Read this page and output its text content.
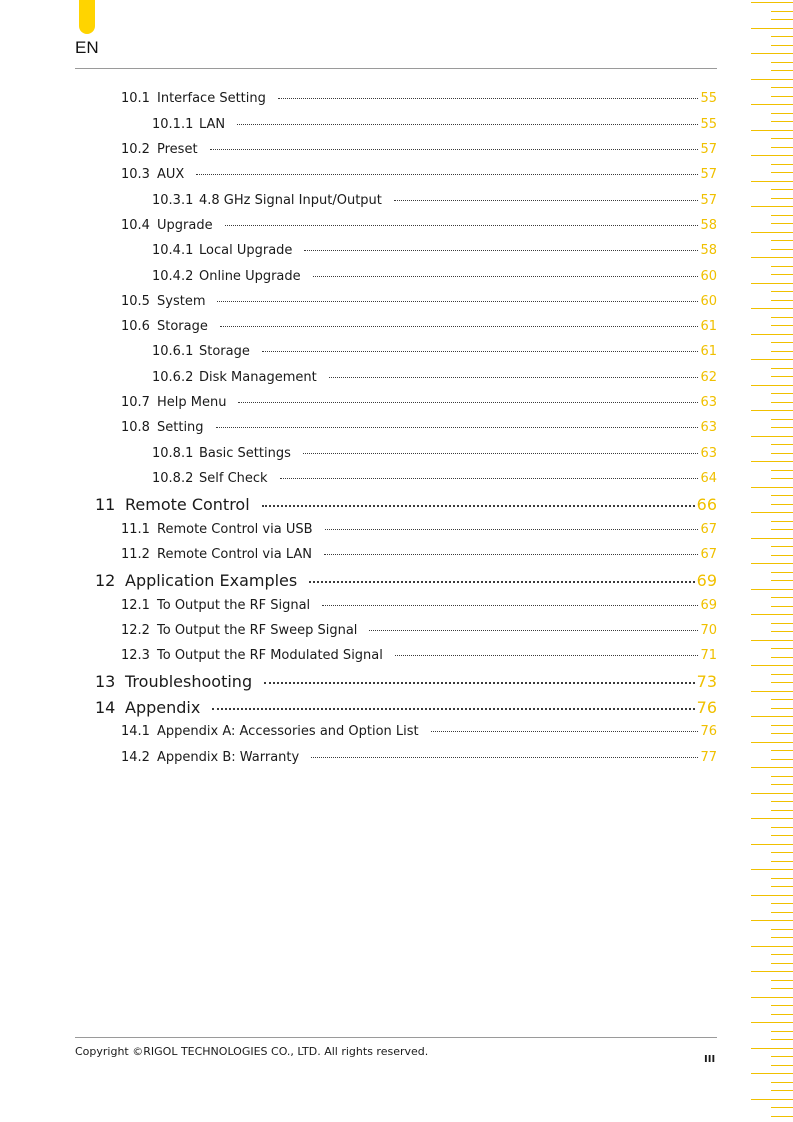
EN
10.1 Interface Setting	55
10.1.1 LAN	55
10.2 Preset	57
10.3 AUX	57
10.3.1 4.8 GHz Signal Input/Output	57
10.4 Upgrade	58
10.4.1 Local Upgrade	58
10.4.2 Online Upgrade	60
10.5 System	60
10.6 Storage	61
10.6.1 Storage	61
10.6.2 Disk Management	62
10.7 Help Menu	63
10.8 Setting	63
10.8.1 Basic Settings	63
10.8.2 Self Check	64
11 Remote Control	66
11.1 Remote Control via USB	67
11.2 Remote Control via LAN	67
12 Application Examples	69
12.1 To Output the RF Signal	69
12.2 To Output the RF Sweep Signal	70
12.3 To Output the RF Modulated Signal	71
13 Troubleshooting	73
14 Appendix	76
14.1 Appendix A: Accessories and Option List	76
14.2 Appendix B: Warranty	77
Copyright ©RIGOL TECHNOLOGIES CO., LTD. All rights reserved.
III
